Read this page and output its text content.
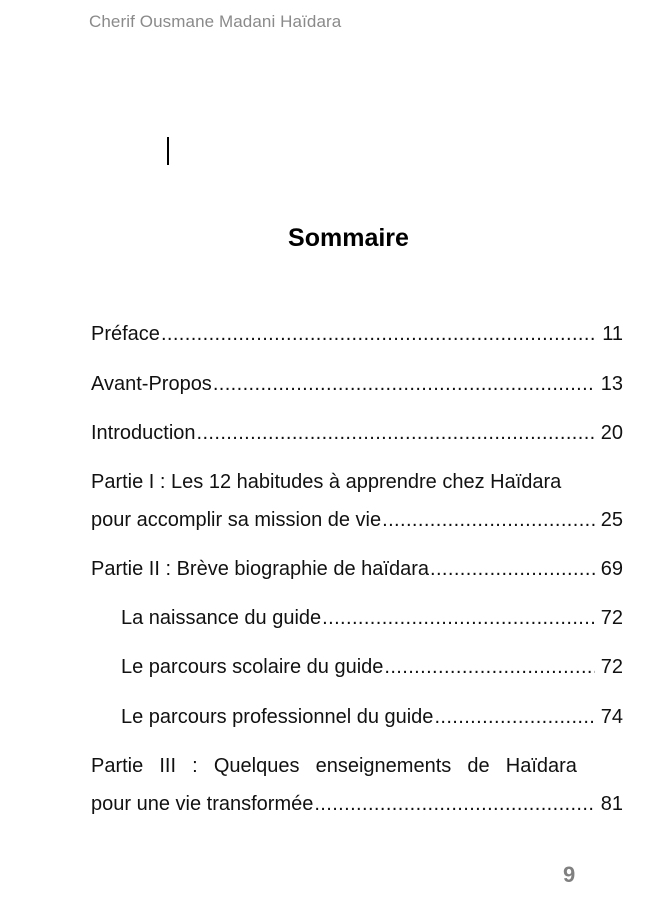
Cherif Ousmane Madani Haïdara
Sommaire
Préface .....	11
Avant-Propos .....	13
Introduction .....	20
Partie I : Les 12 habitudes à apprendre chez Haïdara
pour accomplir sa mission de vie .....	25
Partie II : Brève biographie de haïdara .....	69
La naissance du guide .....	72
Le parcours scolaire du guide .....	72
Le parcours professionnel du guide .....	74
Partie III : Quelques enseignements de Haïdara
pour une vie transformée .....	81
9
